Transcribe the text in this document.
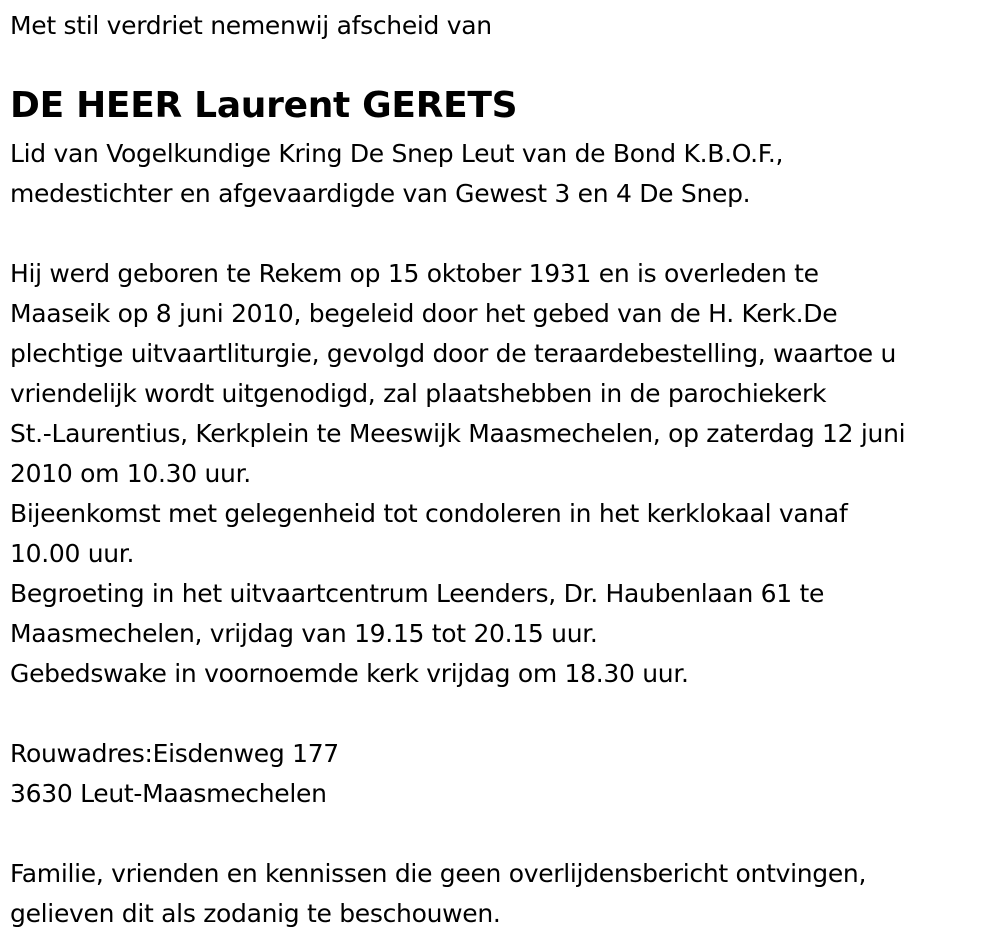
Met stil verdriet nemenwij afscheid van

DE HEER Laurent GERETS

Lid van Vogelkundige Kring De Snep Leut van de Bond K.B.O.F.,

medestichter en afgevaardigde van Gewest 3 en 4 De Snep.

Hij werd geboren te Rekem op 15 oktober 1931 en is overleden te

Maaseik op 8 juni 2010, begeleid door het gebed van de H. Kerk.De

plechtige uitvaartliturgie, gevolgd door de teraardebestelling, waartoe u

vriendelijk wordt uitgenodigd, zal plaatshebben in de parochiekerk

St.-Laurentius, Kerkplein te Meeswijk Maasmechelen, op zaterdag 12 juni

2010 om 10.30 uur.

Bijeenkomst met gelegenheid tot condoleren in het kerklokaal vanaf

10.00 uur.

Begroeting in het uitvaartcentrum Leenders, Dr. Haubenlaan 61 te

Maasmechelen, vrijdag van 19.15 tot 20.15 uur.

Gebedswake in voornoemde kerk vrijdag om 18.30 uur.

Rouwadres:Eisdenweg 177

3630 Leut-Maasmechelen

Familie, vrienden en kennissen die geen overlijdensbericht ontvingen,

gelieven dit als zodanig te beschouwen.
